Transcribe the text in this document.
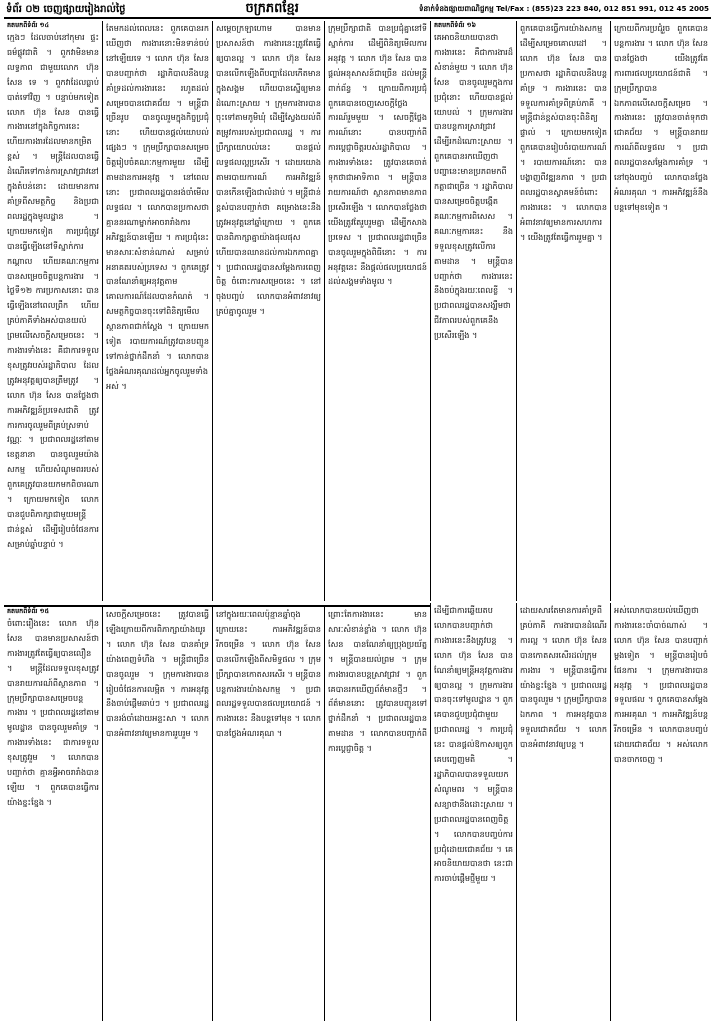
ទំព័រ ០២ ចេញផ្សាយរៀងរាល់ថ្ងៃ	ចក្រភពខ្មែរ	ទំនាក់ទំនងផ្សាយពាណិជ្ជកម្ម Tel/Fax : (855)23 223 840, 012 851 991, 012 45 2005
គតមកពីទំព័រ ១៤

ក្មេងៗ ដែលចាប់នៅកុមារ ផ្ទះធម៌ផ្លូវជាតិ ។ ពួកវាមិនមានលទ្ធភាព ជាមួយលោក ហ៊ុន សែន ទេ ។ ពួកវាដែលធ្លាប់បាត់ទៅវិញ ។ បន្ទាប់មកទៀតលោក ហ៊ុន សែន បានធ្វើការងារនៅក្នុងកិច្ចការនេះ ហើយការងារដែលមានកម្រិតខ្ពស់ ។ មន្ត្រីដែលបានធ្វើដំណើរទៅកាន់ការស្រាវជ្រាវនៅក្នុងតំបន់នោះ ដោយមានការគាំទ្រពីសមត្ថកិច្ច និងប្រជាពលរដ្ឋក្នុងមូលដ្ឋាន ។ ក្រោយមកទៀត ការប្រជុំត្រូវបានធ្វើឡើងនៅទីស្នាក់ការកណ្តាល ហើយគណៈកម្មការបានសម្រេចចិត្តបន្តការងារ ។ ថ្ងៃទី១២ ការប្រកាសនោះ បានធ្វើឡើងនៅពេលព្រឹក ហើយគ្រប់ភាគីទាំងអស់បានយល់ព្រមលើសេចក្តីសម្រេចនេះ ។ ការងារទាំងនេះ គឺជាការទទួលខុសត្រូវរបស់រដ្ឋាភិបាល ដែលត្រូវអនុវត្តឲ្យបានត្រឹមត្រូវ ។ លោក ហ៊ុន សែន បានថ្លែងថា ការអភិវឌ្ឍន៍ប្រទេសជាតិ ត្រូវការការចូលរួមពីគ្រប់ស្រទាប់វណ្ណៈ ។ ប្រជាពលរដ្ឋនៅតាមខេត្តនានា បានចូលរួមយ៉ាងសកម្ម ហើយសំណូមពររបស់ពួកគេត្រូវបានយកមកពិចារណា ។ ក្រោយមកទៀត លោកបានជួបពិភាក្សាជាមួយមន្ត្រីជាន់ខ្ពស់ ដើម្បីរៀបចំផែនការសម្រាប់ឆ្នាំបន្ទាប់ ។

តែមកដល់ពេលនេះ ពួកគេបានរកឃើញថា ការងារនោះមិនទាន់ចប់នៅឡើយទេ ។ លោក ហ៊ុន សែន បានបញ្ជាក់ថា រដ្ឋាភិបាលនឹងបន្តគាំទ្រដល់ការងារនេះ រហូតដល់សម្រេចបានជោគជ័យ ។ មន្ត្រីជាច្រើនរូប បានចូលរួមក្នុងកិច្ចប្រជុំនោះ ហើយបានផ្តល់យោបល់ផ្សេងៗ ។ ក្រុមប្រឹក្សាបានសម្រេចចិត្តរៀបចំគណៈកម្មការមួយ ដើម្បីតាមដានការអនុវត្ត ។ នៅពេលនោះ ប្រជាពលរដ្ឋបានរង់ចាំមើលលទ្ធផល ។ លោកបានប្រកាសថា គ្មាននរណាម្នាក់អាចរារាំងការអភិវឌ្ឍន៍បានឡើយ ។ ការប្រជុំនេះមានសារៈសំខាន់ណាស់ សម្រាប់អនាគតរបស់ប្រទេស ។ ពួកគេត្រូវបានណែនាំឲ្យអនុវត្តតាមគោលការណ៍ដែលបានកំណត់ ។ សមត្ថកិច្ចបានចុះទៅពិនិត្យមើលស្ថានភាពជាក់ស្តែង ។ ក្រោយមកទៀត របាយការណ៍ត្រូវបានបញ្ជូនទៅកាន់ថ្នាក់ដឹកនាំ ។ លោកបានថ្លែងអំណរគុណដល់អ្នកចូលរួមទាំងអស់ ។

សម្តេចក្រឡាហោម បានមានប្រសាសន៍ថា ការងារនេះត្រូវតែធ្វើឲ្យបានល្អ ។ លោក ហ៊ុន សែន បានលើកឡើងពីបញ្ហាដែលកើតមានក្នុងសង្គម ហើយបានស្នើឲ្យមានដំណោះស្រាយ ។ ក្រុមការងារបានចុះទៅតាមភូមិឃុំ ដើម្បីស្វែងយល់ពីតម្រូវការរបស់ប្រជាពលរដ្ឋ ។ ការប្រឹក្សាយោបល់នេះ បានផ្តល់លទ្ធផលល្អប្រសើរ ។ ដោយយោងតាមរបាយការណ៍ ការអភិវឌ្ឍន៍បានកើនឡើងជាលំដាប់ ។ មន្ត្រីជាន់ខ្ពស់បានបញ្ជាក់ថា គម្រោងនេះនឹងត្រូវអនុវត្តនៅឆ្នាំក្រោយ ។ ពួកគេបានពិភាក្សាគ្នាយ៉ាងផុលផុស ហើយបានឈានដល់ការឯកភាពគ្នា ។ ប្រជាពលរដ្ឋបានសម្តែងការពេញចិត្ត ចំពោះការសម្រេចនេះ ។ នៅចុងបញ្ចប់ លោកបានអំពាវនាវឲ្យគ្រប់គ្នាចូលរួម ។

ក្រុមប្រឹក្សាជាតិ បានប្រជុំគ្នានៅទីស្នាក់ការ ដើម្បីពិនិត្យមើលការអនុវត្ត ។ លោក ហ៊ុន សែន បានផ្តល់អនុសាសន៍ជាច្រើន ដល់មន្ត្រីពាក់ព័ន្ធ ។ ក្រោយពីការប្រជុំ ពួកគេបានចេញសេចក្តីថ្លែងការណ៍រួមមួយ ។ សេចក្តីថ្លែងការណ៍នោះ បានបញ្ជាក់ពីការប្តេជ្ញាចិត្តរបស់រដ្ឋាភិបាល ។ ការងារទាំងនេះ ត្រូវបានគេចាត់ទុកថាជាអាទិភាព ។ មន្ត្រីបានរាយការណ៍ថា ស្ថានភាពមានភាពប្រសើរឡើង ។ លោកបានថ្លែងថា យើងត្រូវតែរួបរួមគ្នា ដើម្បីកសាងប្រទេស ។ ប្រជាពលរដ្ឋជាច្រើនបានចូលរួមក្នុងពិធីនោះ ។ ការអនុវត្តនេះ នឹងផ្តល់ផលប្រយោជន៍ដល់សង្គមទាំងមូល ។

គតមកពីទំព័រ ១៦

គេអាចនិយាយបានថា ការងារនេះ គឺជាការងារដ៏សំខាន់មួយ ។ លោក ហ៊ុន សែន បានចូលរួមក្នុងការប្រជុំនោះ ហើយបានផ្តល់យោបល់ ។ ក្រុមការងារបានបន្តការស្រាវជ្រាវ ដើម្បីរកដំណោះស្រាយ ។ ពួកគេបានរកឃើញថា បញ្ហានេះមានប្រភពមកពីកត្តាជាច្រើន ។ រដ្ឋាភិបាលបានសម្រេចចិត្តបង្កើតគណៈកម្មការពិសេស ។ គណៈកម្មការនេះ នឹងទទួលខុសត្រូវលើការតាមដាន ។ មន្ត្រីបានបញ្ជាក់ថា ការងារនេះនឹងចប់ក្នុងរយៈពេលខ្លី ។ ប្រជាពលរដ្ឋបានសង្ឃឹមថា ជីវភាពរបស់ពួកគេនឹងប្រសើរឡើង ។

ពួកគេបានធ្វើការយ៉ាងសកម្ម ដើម្បីសម្រេចគោលដៅ ។ លោក ហ៊ុន សែន បានប្រកាសថា រដ្ឋាភិបាលនឹងបន្តគាំទ្រ ។ ការងារនេះ បានទទួលការគាំទ្រពីគ្រប់ភាគី ។ មន្ត្រីជាន់ខ្ពស់បានចុះពិនិត្យផ្ទាល់ ។ ក្រោយមកទៀត ពួកគេបានរៀបចំរបាយការណ៍ ។ របាយការណ៍នោះ បានបង្ហាញពីវឌ្ឍនភាព ។ ប្រជាពលរដ្ឋបានស្វាគមន៍ចំពោះការងារនេះ ។ លោកបានអំពាវនាវឲ្យមានការសហការ ។ យើងត្រូវតែធ្វើការរួមគ្នា ។

ក្រោយពីការប្រជុំរួច ពួកគេបានបន្តការងារ ។ លោក ហ៊ុន សែន បានថ្លែងថា យើងត្រូវតែការពារផលប្រយោជន៍ជាតិ ។ ក្រុមប្រឹក្សាបានឯកភាពលើសេចក្តីសម្រេច ។ ការងារនេះ ត្រូវបានចាត់ទុកថាជោគជ័យ ។ មន្ត្រីបានរាយការណ៍ពីលទ្ធផល ។ ប្រជាពលរដ្ឋបានសម្តែងការគាំទ្រ ។ នៅចុងបញ្ចប់ លោកបានថ្លែងអំណរគុណ ។ ការអភិវឌ្ឍន៍នឹងបន្តទៅមុខទៀត ។

គតមកពីទំព័រ ១៥

ចំពោះរឿងនេះ លោក ហ៊ុន សែន បានមានប្រសាសន៍ថា ការងារត្រូវតែធ្វើឲ្យបានលឿន ។ មន្ត្រីដែលទទួលខុសត្រូវ បានរាយការណ៍ពីស្ថានភាព ។ ក្រុមប្រឹក្សាបានសម្រេចបន្តការងារ ។ ប្រជាពលរដ្ឋនៅតាមមូលដ្ឋាន បានចូលរួមគាំទ្រ ។ ការងារទាំងនេះ ជាការទទួលខុសត្រូវរួម ។ លោកបានបញ្ជាក់ថា គ្មានអ្វីអាចរារាំងបានឡើយ ។ ពួកគេបានធ្វើការយ៉ាងខ្នះខ្នែង ។

សេចក្តីសម្រេចនេះ ត្រូវបានធ្វើឡើងក្រោយពីការពិភាក្សាយ៉ាងយូរ ។ លោក ហ៊ុន សែន បានគាំទ្រយ៉ាងពេញទំហឹង ។ មន្ត្រីជាច្រើនបានចូលរួម ។ ក្រុមការងារបានរៀបចំផែនការលម្អិត ។ ការអនុវត្តនឹងចាប់ផ្តើមឆាប់ៗ ។ ប្រជាពលរដ្ឋបានរង់ចាំដោយអន្ទះសា ។ លោកបានអំពាវនាវឲ្យមានការរួបរួម ។

នៅក្នុងរយៈពេលប៉ុន្មានឆ្នាំចុងក្រោយនេះ ការអភិវឌ្ឍន៍បានរីកចម្រើន ។ លោក ហ៊ុន សែន បានលើកឡើងពីសមិទ្ធផល ។ ក្រុមប្រឹក្សាបានកោតសរសើរ ។ មន្ត្រីបានបន្តការងារយ៉ាងសកម្ម ។ ប្រជាពលរដ្ឋទទួលបានផលប្រយោជន៍ ។ ការងារនេះ នឹងបន្តទៅមុខ ។ លោកបានថ្លែងអំណរគុណ ។

ព្រោះតែការងារនេះ មានសារៈសំខាន់ខ្លាំង ។ លោក ហ៊ុន សែន បានណែនាំឲ្យប្រុងប្រយ័ត្ន ។ មន្ត្រីបានយល់ព្រម ។ ក្រុមការងារបានបន្តស្រាវជ្រាវ ។ ពួកគេបានរកឃើញព័ត៌មានថ្មីៗ ។ ព័ត៌មាននោះ ត្រូវបានបញ្ជូនទៅថ្នាក់ដឹកនាំ ។ ប្រជាពលរដ្ឋបានតាមដាន ។ លោកបានបញ្ជាក់ពីការប្តេជ្ញាចិត្ត ។

ដើម្បីជាការឆ្លើយតប លោកបានបញ្ជាក់ថា ការងារនេះនឹងត្រូវបន្ត ។ លោក ហ៊ុន សែន បានណែនាំឲ្យមន្ត្រីអនុវត្តការងារឲ្យបានល្អ ។ ក្រុមការងារបានចុះទៅមូលដ្ឋាន ។ ពួកគេបានជួបប្រជុំជាមួយប្រជាពលរដ្ឋ ។ ការប្រជុំនេះ បានផ្តល់ឱកាសឲ្យពួកគេបញ្ចេញមតិ ។ រដ្ឋាភិបាលបានទទួលយកសំណូមពរ ។ មន្ត្រីបានសន្យាថានឹងដោះស្រាយ ។ ប្រជាពលរដ្ឋបានពេញចិត្ត ។ លោកបានបញ្ចប់ការប្រជុំដោយជោគជ័យ ។ គេអាចនិយាយបានថា នេះជាការចាប់ផ្តើមថ្មីមួយ ។

ដោយសារតែមានការគាំទ្រពីគ្រប់ភាគី ការងារបានដំណើរការល្អ ។ លោក ហ៊ុន សែន បានកោតសរសើរដល់ក្រុមការងារ ។ មន្ត្រីបានធ្វើការយ៉ាងខ្នះខ្នែង ។ ប្រជាពលរដ្ឋបានចូលរួម ។ ក្រុមប្រឹក្សាបានឯកភាព ។ ការអនុវត្តបានទទួលជោគជ័យ ។ លោកបានអំពាវនាវឲ្យបន្ត ។

អស់លោកបានយល់ឃើញថា ការងារនេះចាំបាច់ណាស់ ។ លោក ហ៊ុន សែន បានបញ្ជាក់ម្តងទៀត ។ មន្ត្រីបានរៀបចំផែនការ ។ ក្រុមការងារបានអនុវត្ត ។ ប្រជាពលរដ្ឋបានទទួលផល ។ ពួកគេបានសម្តែងការអរគុណ ។ ការអភិវឌ្ឍន៍បន្តរីកចម្រើន ។ លោកបានបញ្ចប់ដោយជោគជ័យ ។ អស់លោកបានចាកចេញ ។
